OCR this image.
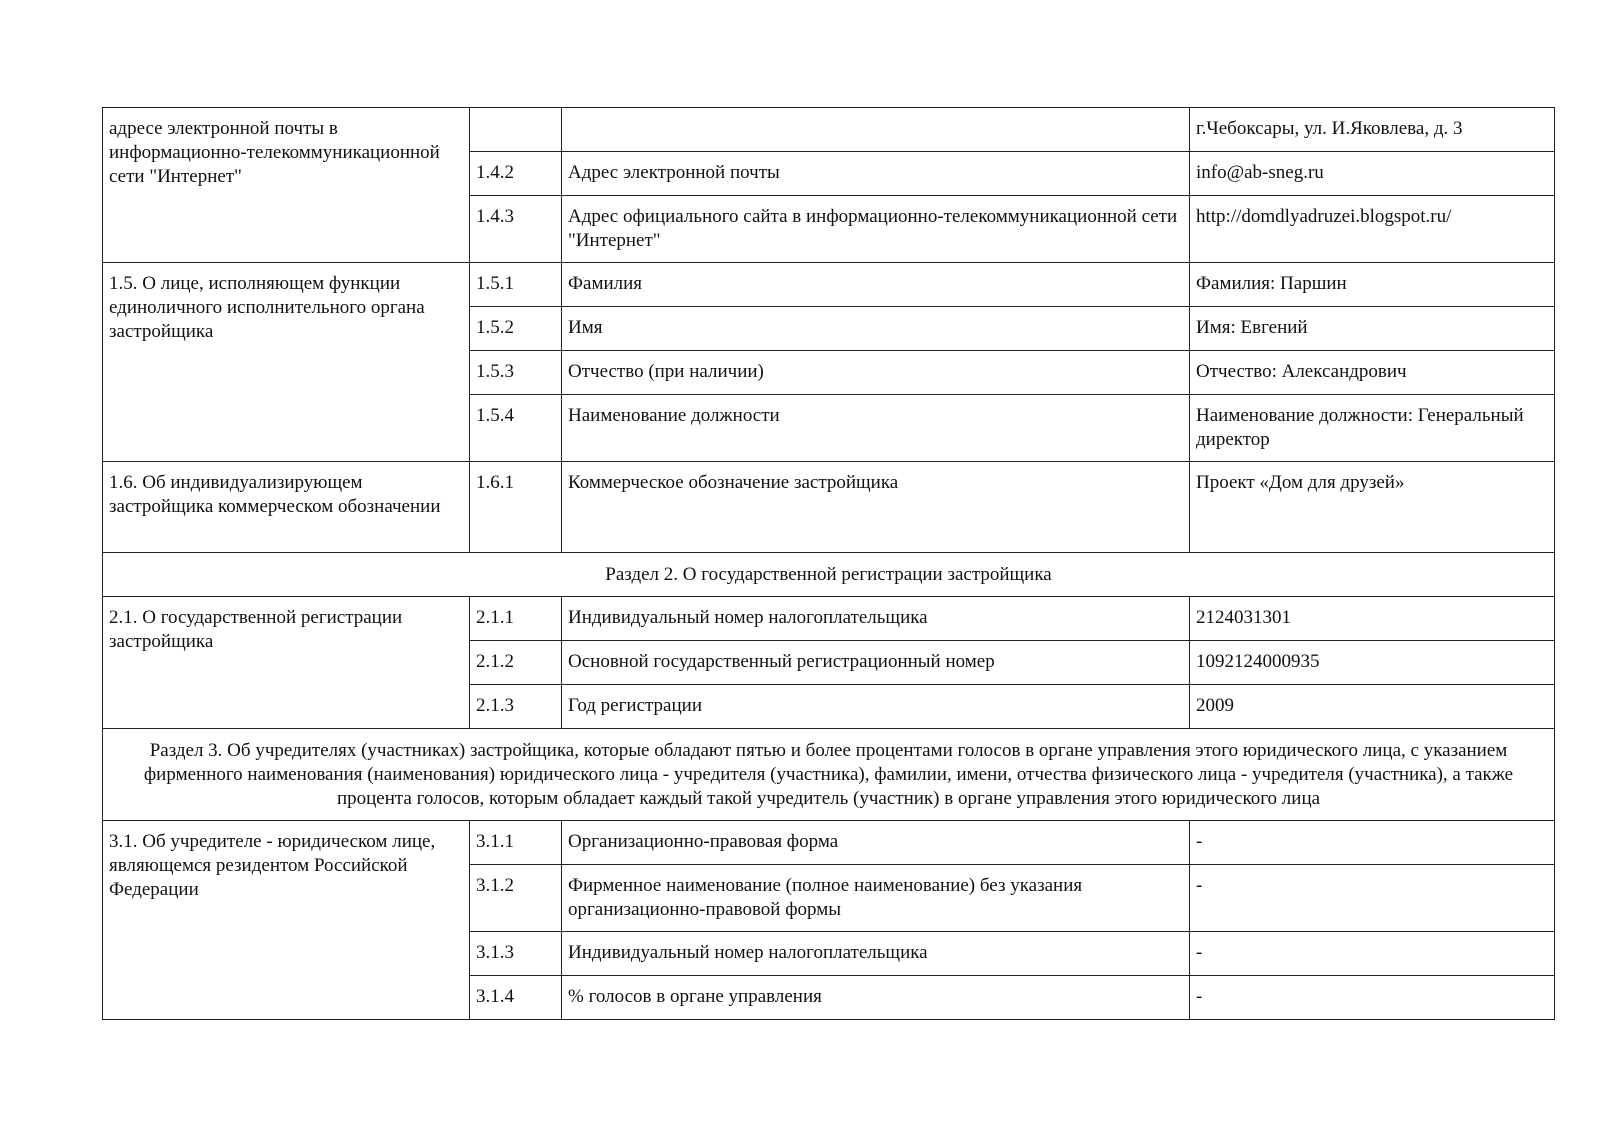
адресе электронной почты в информационно-телекоммуникационной сети "Интернет"			г.Чебоксары, ул. И.Яковлева, д. 3
	1.4.2	Адрес электронной почты	info@ab-sneg.ru
	1.4.3	Адрес официального сайта в информационно-телекоммуникационной сети "Интернет"	http://domdlyadruzei.blogspot.ru/
1.5. О лице, исполняющем функции единоличного исполнительного органа застройщика	1.5.1	Фамилия	Фамилия: Паршин
	1.5.2	Имя	Имя: Евгений
	1.5.3	Отчество (при наличии)	Отчество: Александрович
	1.5.4	Наименование должности	Наименование должности: Генеральный директор
1.6. Об индивидуализирующем застройщика коммерческом обозначении	1.6.1	Коммерческое обозначение застройщика	Проект «Дом для друзей»
Раздел 2. О государственной регистрации застройщика			
2.1. О государственной регистрации застройщика	2.1.1	Индивидуальный номер налогоплательщика	2124031301
	2.1.2	Основной государственный регистрационный номер	1092124000935
	2.1.3	Год регистрации	2009
Раздел 3. Об учредителях (участниках) застройщика, которые обладают пятью и более процентами голосов в органе управления этого юридического лица, с указанием фирменного наименования (наименования) юридического лица - учредителя (участника), фамилии, имени, отчества физического лица - учредителя (участника), а также процента голосов, которым обладает каждый такой учредитель (участник) в органе управления этого юридического лица			
3.1. Об учредителе - юридическом лице, являющемся резидентом Российской Федерации	3.1.1	Организационно-правовая форма	-
	3.1.2	Фирменное наименование (полное наименование) без указания организационно-правовой формы	-
	3.1.3	Индивидуальный номер налогоплательщика	-
	3.1.4	% голосов в органе управления	-
